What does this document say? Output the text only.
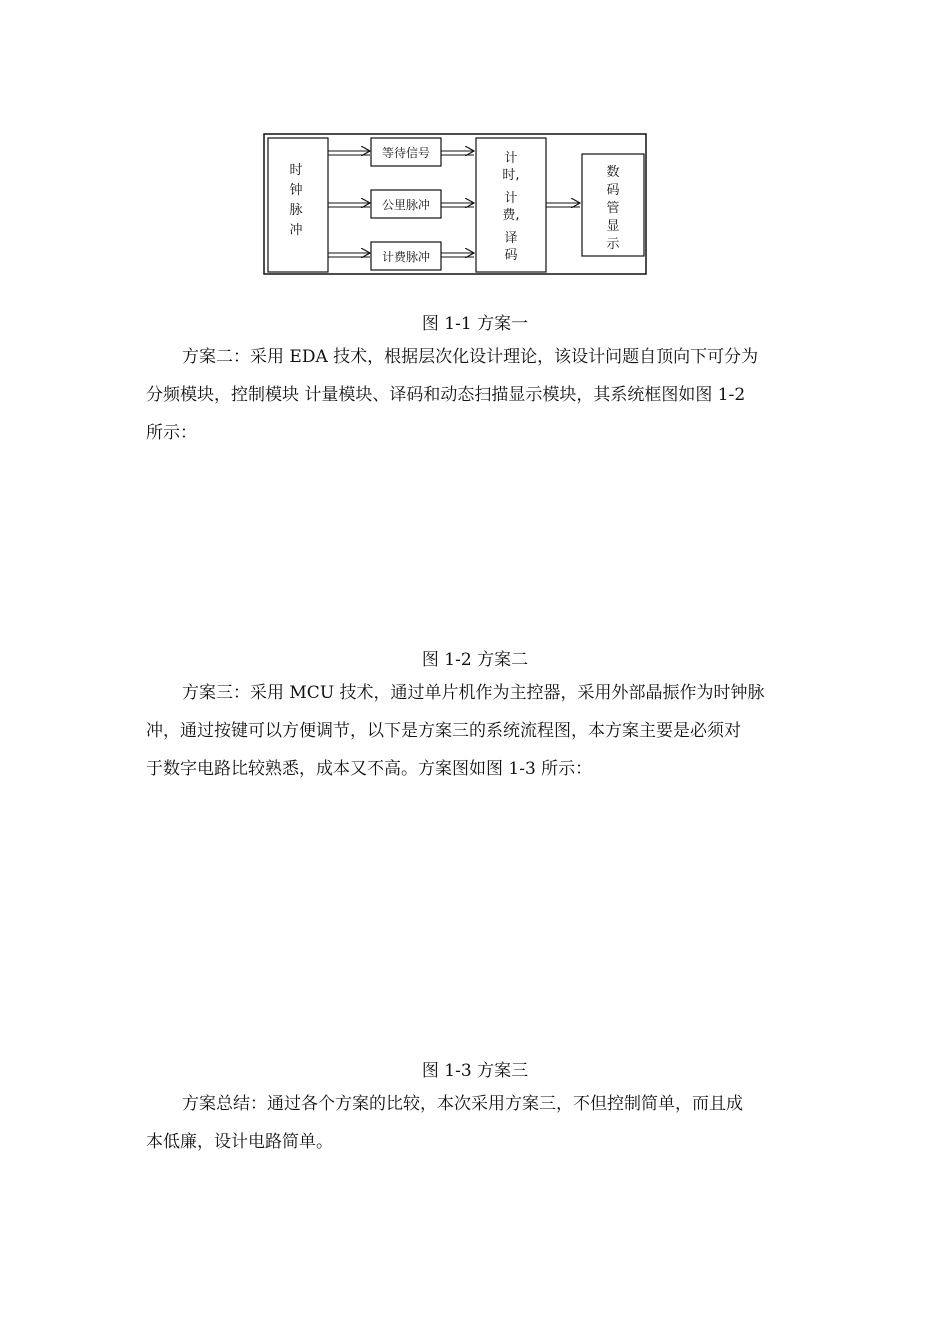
时
钟
脉
冲
等待信号
公里脉冲
计费脉冲
计
时,
计
费,
译
码
数
码
管
显
示
图 1-1 方案一
方案二：采用 EDA 技术，根据层次化设计理论，该设计问题自顶向下可分为
分频模块，控制模块 计量模块、译码和动态扫描显示模块，其系统框图如图 1-2
所示：
图 1-2 方案二
方案三：采用 MCU 技术，通过单片机作为主控器，采用外部晶振作为时钟脉
冲，通过按键可以方便调节，以下是方案三的系统流程图，本方案主要是必须对
于数字电路比较熟悉，成本又不高。方案图如图 1-3 所示：
图 1-3 方案三
方案总结：通过各个方案的比较，本次采用方案三，不但控制简单，而且成
本低廉，设计电路简单。
